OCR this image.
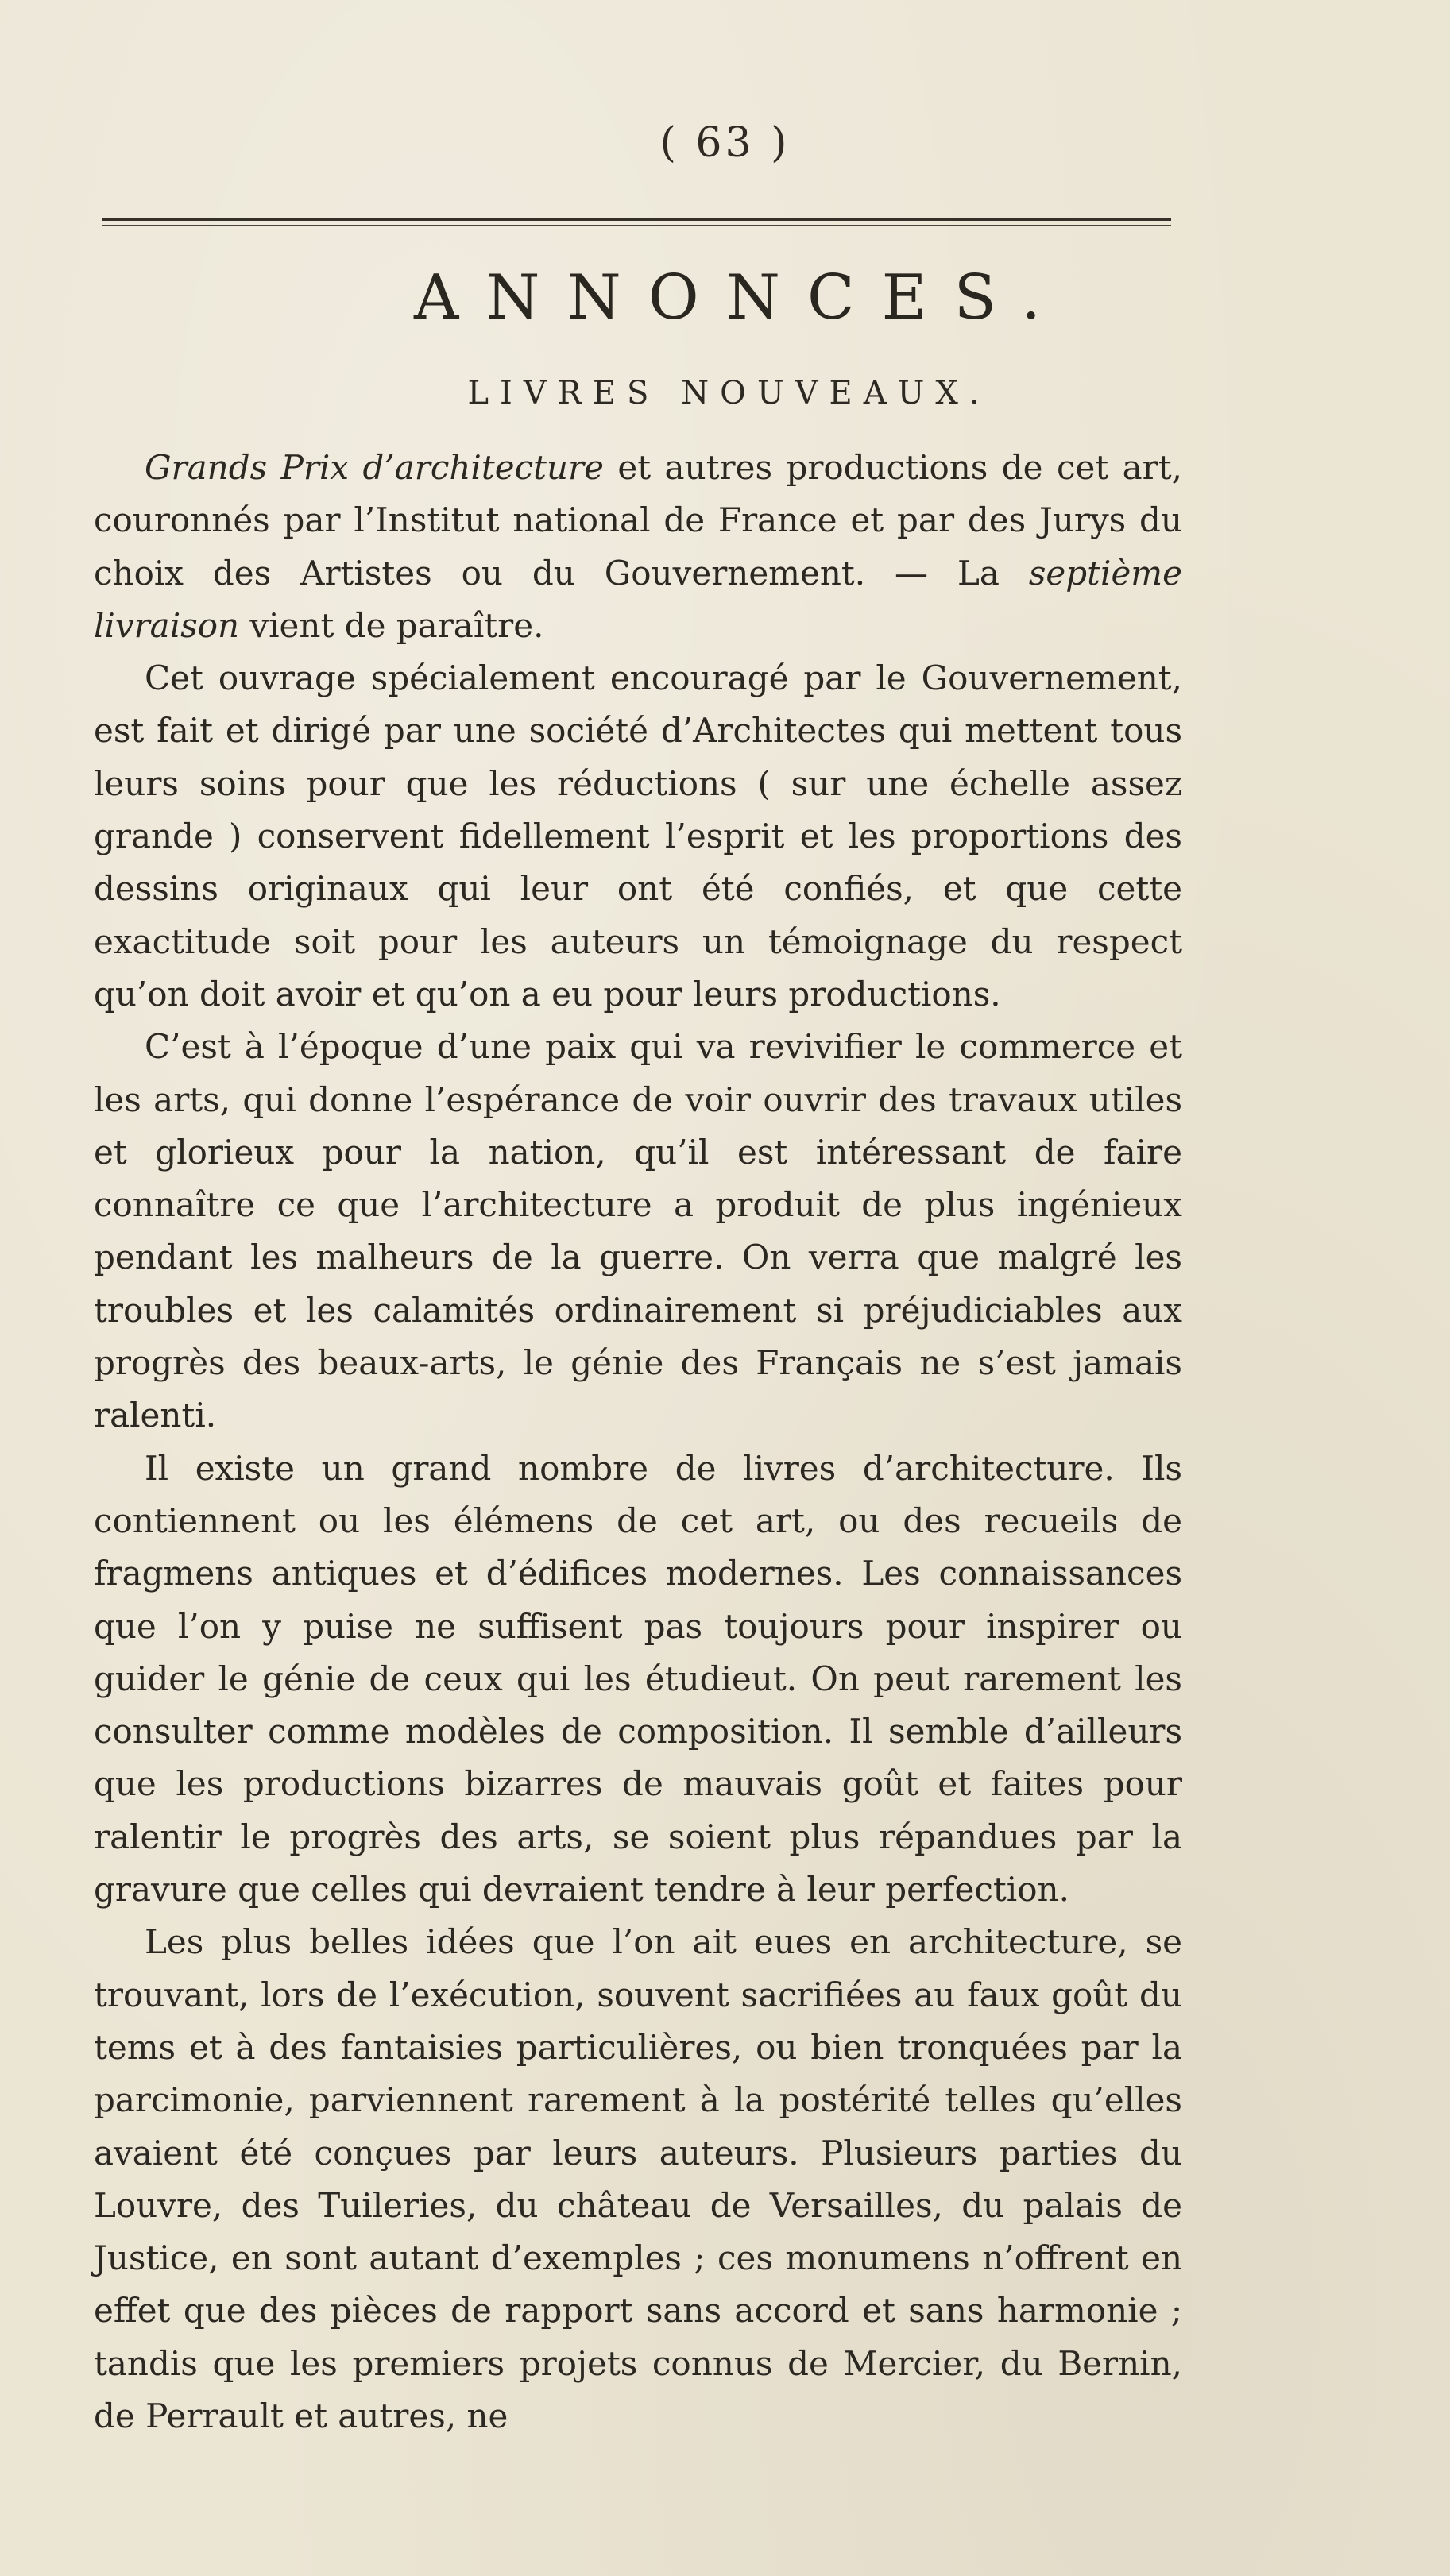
( 63 )
ANNONCES.
LIVRES NOUVEAUX.

Grands Prix d’architecture et autres productions de cet art, couronnés par l’Institut national de France et par des Jurys du choix des Artistes ou du Gouvernement. — La septième livraison vient de paraître.

Cet ouvrage spécialement encouragé par le Gouvernement, est fait et dirigé par une société d’Architectes qui mettent tous leurs soins pour que les réductions ( sur une échelle assez grande ) conservent fidellement l’esprit et les proportions des dessins originaux qui leur ont été confiés, et que cette exactitude soit pour les auteurs un témoignage du respect qu’on doit avoir et qu’on a eu pour leurs productions.

C’est à l’époque d’une paix qui va revivifier le commerce et les arts, qui donne l’espérance de voir ouvrir des travaux utiles et glorieux pour la nation, qu’il est intéressant de faire connaître ce que l’architecture a produit de plus ingénieux pendant les malheurs de la guerre. On verra que malgré les troubles et les calamités ordinairement si préjudiciables aux progrès des beaux-arts, le génie des Français ne s’est jamais ralenti.

Il existe un grand nombre de livres d’architecture. Ils contiennent ou les élémens de cet art, ou des recueils de fragmens antiques et d’édifices modernes. Les connaissances que l’on y puise ne suffisent pas toujours pour inspirer ou guider le génie de ceux qui les étudieut. On peut rarement les consulter comme modèles de composition. Il semble d’ailleurs que les productions bizarres de mauvais goût et faites pour ralentir le progrès des arts, se soient plus répandues par la gravure que celles qui devraient tendre à leur perfection.

Les plus belles idées que l’on ait eues en architecture, se trouvant, lors de l’exécution, souvent sacrifiées au faux goût du tems et à des fantaisies particulières, ou bien tronquées par la parcimonie, parviennent rarement à la postérité telles qu’elles avaient été conçues par leurs auteurs. Plusieurs parties du Louvre, des Tuileries, du château de Versailles, du palais de Justice, en sont autant d’exemples ; ces monumens n’offrent en effet que des pièces de rapport sans accord et sans harmonie ; tandis que les premiers projets connus de Mercier, du Bernin, de Perrault et autres, ne
